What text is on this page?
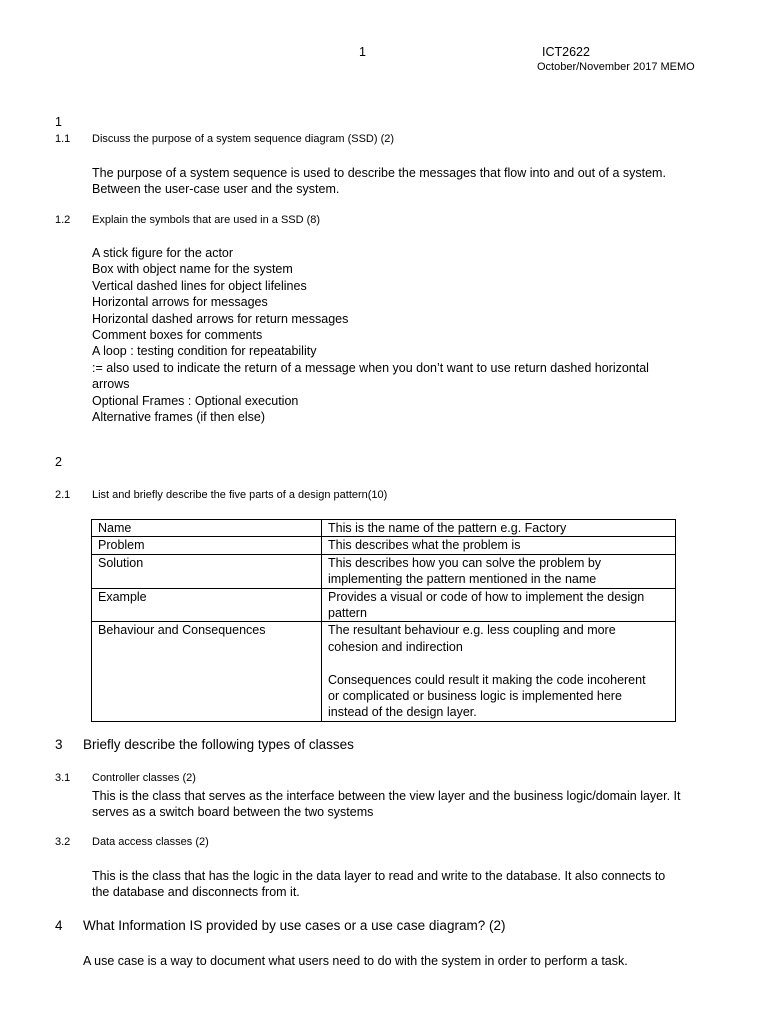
1	ICT2622
October/November 2017 MEMO
1
1.1 Discuss the purpose of a system sequence diagram (SSD) (2)
The purpose of a system sequence is used to describe the messages that flow into and out of a system.
Between the user-case user and the system.
1.2 Explain the symbols that are used in a SSD (8)
A stick figure for the actor
Box with object name for the system
Vertical dashed lines for object lifelines
Horizontal arrows for messages
Horizontal dashed arrows for return messages
Comment boxes for comments
A loop : testing condition for repeatability
:= also used to indicate the return of a message when you don’t want to use return dashed horizontal
arrows
Optional Frames : Optional execution
Alternative frames (if then else)
2
2.1 List and briefly describe the five parts of a design pattern(10)
Name	This is the name of the pattern e.g. Factory

Problem	This describes what the problem is

Solution	This describes how you can solve the problem by
implementing the pattern mentioned in the name

Example	Provides a visual or code of how to implement the design
pattern

Behaviour and Consequences	The resultant behaviour e.g. less coupling and more
cohesion and indirection

Consequences could result it making the code incoherent
or complicated or business logic is implemented here
instead of the design layer.
3 Briefly describe the following types of classes
3.1 Controller classes (2)
This is the class that serves as the interface between the view layer and the business logic/domain layer. It
serves as a switch board between the two systems
3.2 Data access classes (2)
This is the class that has the logic in the data layer to read and write to the database. It also connects to
the database and disconnects from it.
4 What Information IS provided by use cases or a use case diagram? (2)
A use case is a way to document what users need to do with the system in order to perform a task.
